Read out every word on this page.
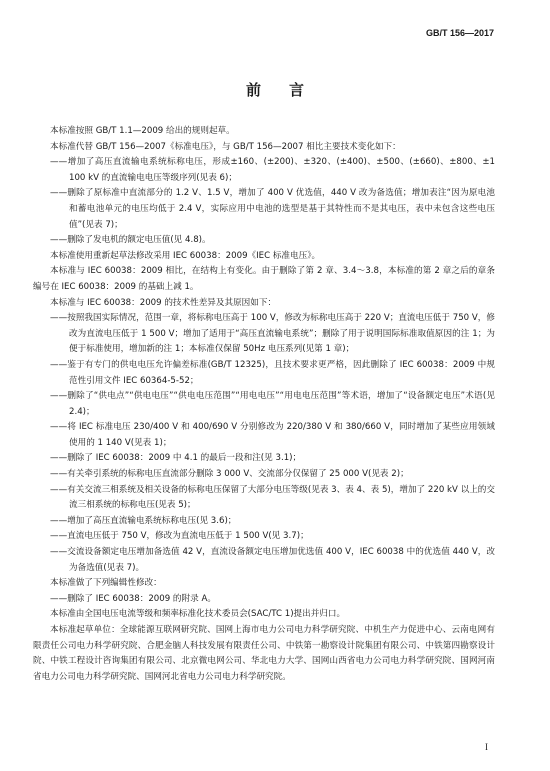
GB/T 156—2017
前言

本标准按照 GB/T 1.1—2009 给出的规则起草。

本标准代替 GB/T 156—2007《标准电压》，与 GB/T 156—2007 相比主要技术变化如下：

——增加了高压直流输电系统标称电压，形成±160、(±200)、±320、(±400)、±500、(±660)、±800、±1 100 kV 的直流输电电压等级序列(见表 6)；

——删除了原标准中直流部分的 1.2 V、1.5 V，增加了 400 V 优选值，440 V 改为备选值；增加表注“因为原电池和蓄电池单元的电压均低于 2.4 V，实际应用中电池的选型是基于其特性而不是其电压，表中未包含这些电压值”(见表 7)；

——删除了发电机的额定电压值(见 4.8)。

本标准使用重新起草法修改采用 IEC 60038：2009《IEC 标准电压》。

本标准与 IEC 60038：2009 相比，在结构上有变化。由于删除了第 2 章、3.4～3.8，本标准的第 2 章之后的章条编号在 IEC 60038：2009 的基础上减 1。

本标准与 IEC 60038：2009 的技术性差异及其原因如下：

——按照我国实际情况，范围一章，将标称电压高于 100 V，修改为标称电压高于 220 V；直流电压低于 750 V，修改为直流电压低于 1 500 V；增加了适用于“高压直流输电系统”；删除了用于说明国际标准取值原因的注 1；为便于标准使用，增加新的注 1；本标准仅保留 50Hz 电压系列(见第 1 章)；

——鉴于有专门的供电电压允许偏差标准(GB/T 12325)，且技术要求更严格，因此删除了 IEC 60038：2009 中规范性引用文件 IEC 60364-5-52；

——删除了“供电点”“供电电压”“供电电压范围”“用电电压”“用电电压范围”等术语，增加了“设备额定电压”术语(见 2.4)；

——将 IEC 标准电压 230/400 V 和 400/690 V 分别修改为 220/380 V 和 380/660 V，同时增加了某些应用领域使用的 1 140 V(见表 1)；

——删除了 IEC 60038：2009 中 4.1 的最后一段和注(见 3.1)；

——有关牵引系统的标称电压直流部分删除 3 000 V、交流部分仅保留了 25 000 V(见表 2)；

——有关交流三相系统及相关设备的标称电压保留了大部分电压等级(见表 3、表 4、表 5)，增加了 220 kV 以上的交流三相系统的标称电压(见表 5)；

——增加了高压直流输电系统标称电压(见 3.6)；

——直流电压低于 750 V，修改为直流电压低于 1 500 V(见 3.7)；

——交流设备额定电压增加备选值 42 V，直流设备额定电压增加优选值 400 V，IEC 60038 中的优选值 440 V，改为备选值(见表 7)。

本标准做了下列编辑性修改：

——删除了 IEC 60038：2009 的附录 A。

本标准由全国电压电流等级和频率标准化技术委员会(SAC/TC 1)提出并归口。

本标准起草单位：全球能源互联网研究院、国网上海市电力公司电力科学研究院、中机生产力促进中心、云南电网有限责任公司电力科学研究院、合肥金脑人科技发展有限责任公司、中铁第一勘察设计院集团有限公司、中铁第四勘察设计院、中铁工程设计咨询集团有限公司、北京微电网公司、华北电力大学、国网山西省电力公司电力科学研究院、国网河南省电力公司电力科学研究院、国网河北省电力公司电力科学研究院。

I
